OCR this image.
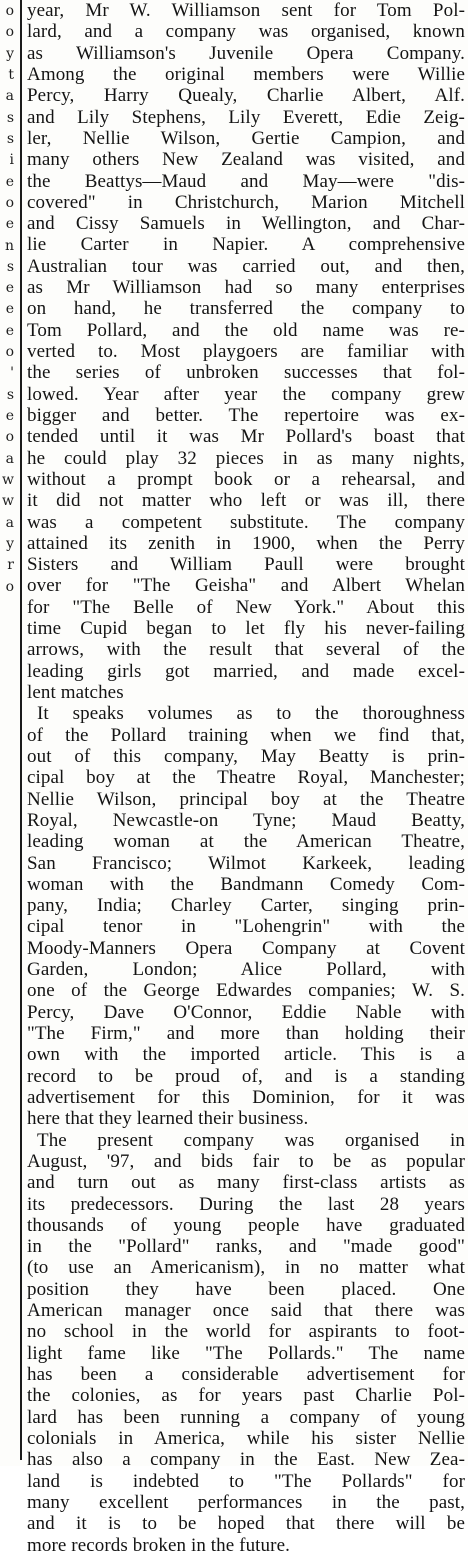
o
o
y
t
a
s
s
i
e
o
e
n
s
e
e
e
o
'
s
e
o
a
w
w
a
y
r
o

year, Mr W. Williamson sent for Tom Pol-
lard, and a company was organised, known
as Williamson's Juvenile Opera Company.
Among the original members were Willie
Percy, Harry Quealy, Charlie Albert, Alf.
and Lily Stephens, Lily Everett, Edie Zeig-
ler, Nellie Wilson, Gertie Campion, and
many others New Zealand was visited, and
the Beattys—Maud and May—were "dis-
covered" in Christchurch, Marion Mitchell
and Cissy Samuels in Wellington, and Char-
lie Carter in Napier. A comprehensive
Australian tour was carried out, and then,
as Mr Williamson had so many enterprises
on hand, he transferred the company to
Tom Pollard, and the old name was re-
verted to. Most playgoers are familiar with
the series of unbroken successes that fol-
lowed. Year after year the company grew
bigger and better. The repertoire was ex-
tended until it was Mr Pollard's boast that
he could play 32 pieces in as many nights,
without a prompt book or a rehearsal, and
it did not matter who left or was ill, there
was a competent substitute. The company
attained its zenith in 1900, when the Perry
Sisters and William Paull were brought
over for "The Geisha" and Albert Whelan
for "The Belle of New York." About this
time Cupid began to let fly his never-failing
arrows, with the result that several of the
leading girls got married, and made excel-
lent matches

It speaks volumes as to the thoroughness
of the Pollard training when we find that,
out of this company, May Beatty is prin-
cipal boy at the Theatre Royal, Manchester;
Nellie Wilson, principal boy at the Theatre
Royal, Newcastle-on Tyne; Maud Beatty,
leading woman at the American Theatre,
San Francisco; Wilmot Karkeek, leading
woman with the Bandmann Comedy Com-
pany, India; Charley Carter, singing prin-
cipal tenor in "Lohengrin" with the
Moody-Manners Opera Company at Covent
Garden, London; Alice Pollard, with
one of the George Edwardes companies; W. S.
Percy, Dave O'Connor, Eddie Nable with
"The Firm," and more than holding their
own with the imported article. This is a
record to be proud of, and is a standing
advertisement for this Dominion, for it was
here that they learned their business.

The present company was organised in
August, '97, and bids fair to be as popular
and turn out as many first-class artists as
its predecessors. During the last 28 years
thousands of young people have graduated
in the "Pollard" ranks, and "made good"
(to use an Americanism), in no matter what
position they have been placed. One
American manager once said that there was
no school in the world for aspirants to foot-
light fame like "The Pollards." The name
has been a considerable advertisement for
the colonies, as for years past Charlie Pol-
lard has been running a company of young
colonials in America, while his sister Nellie
has also a company in the East. New Zea-
land is indebted to "The Pollards" for
many excellent performances in the past,
and it is to be hoped that there will be
more records broken in the future.
